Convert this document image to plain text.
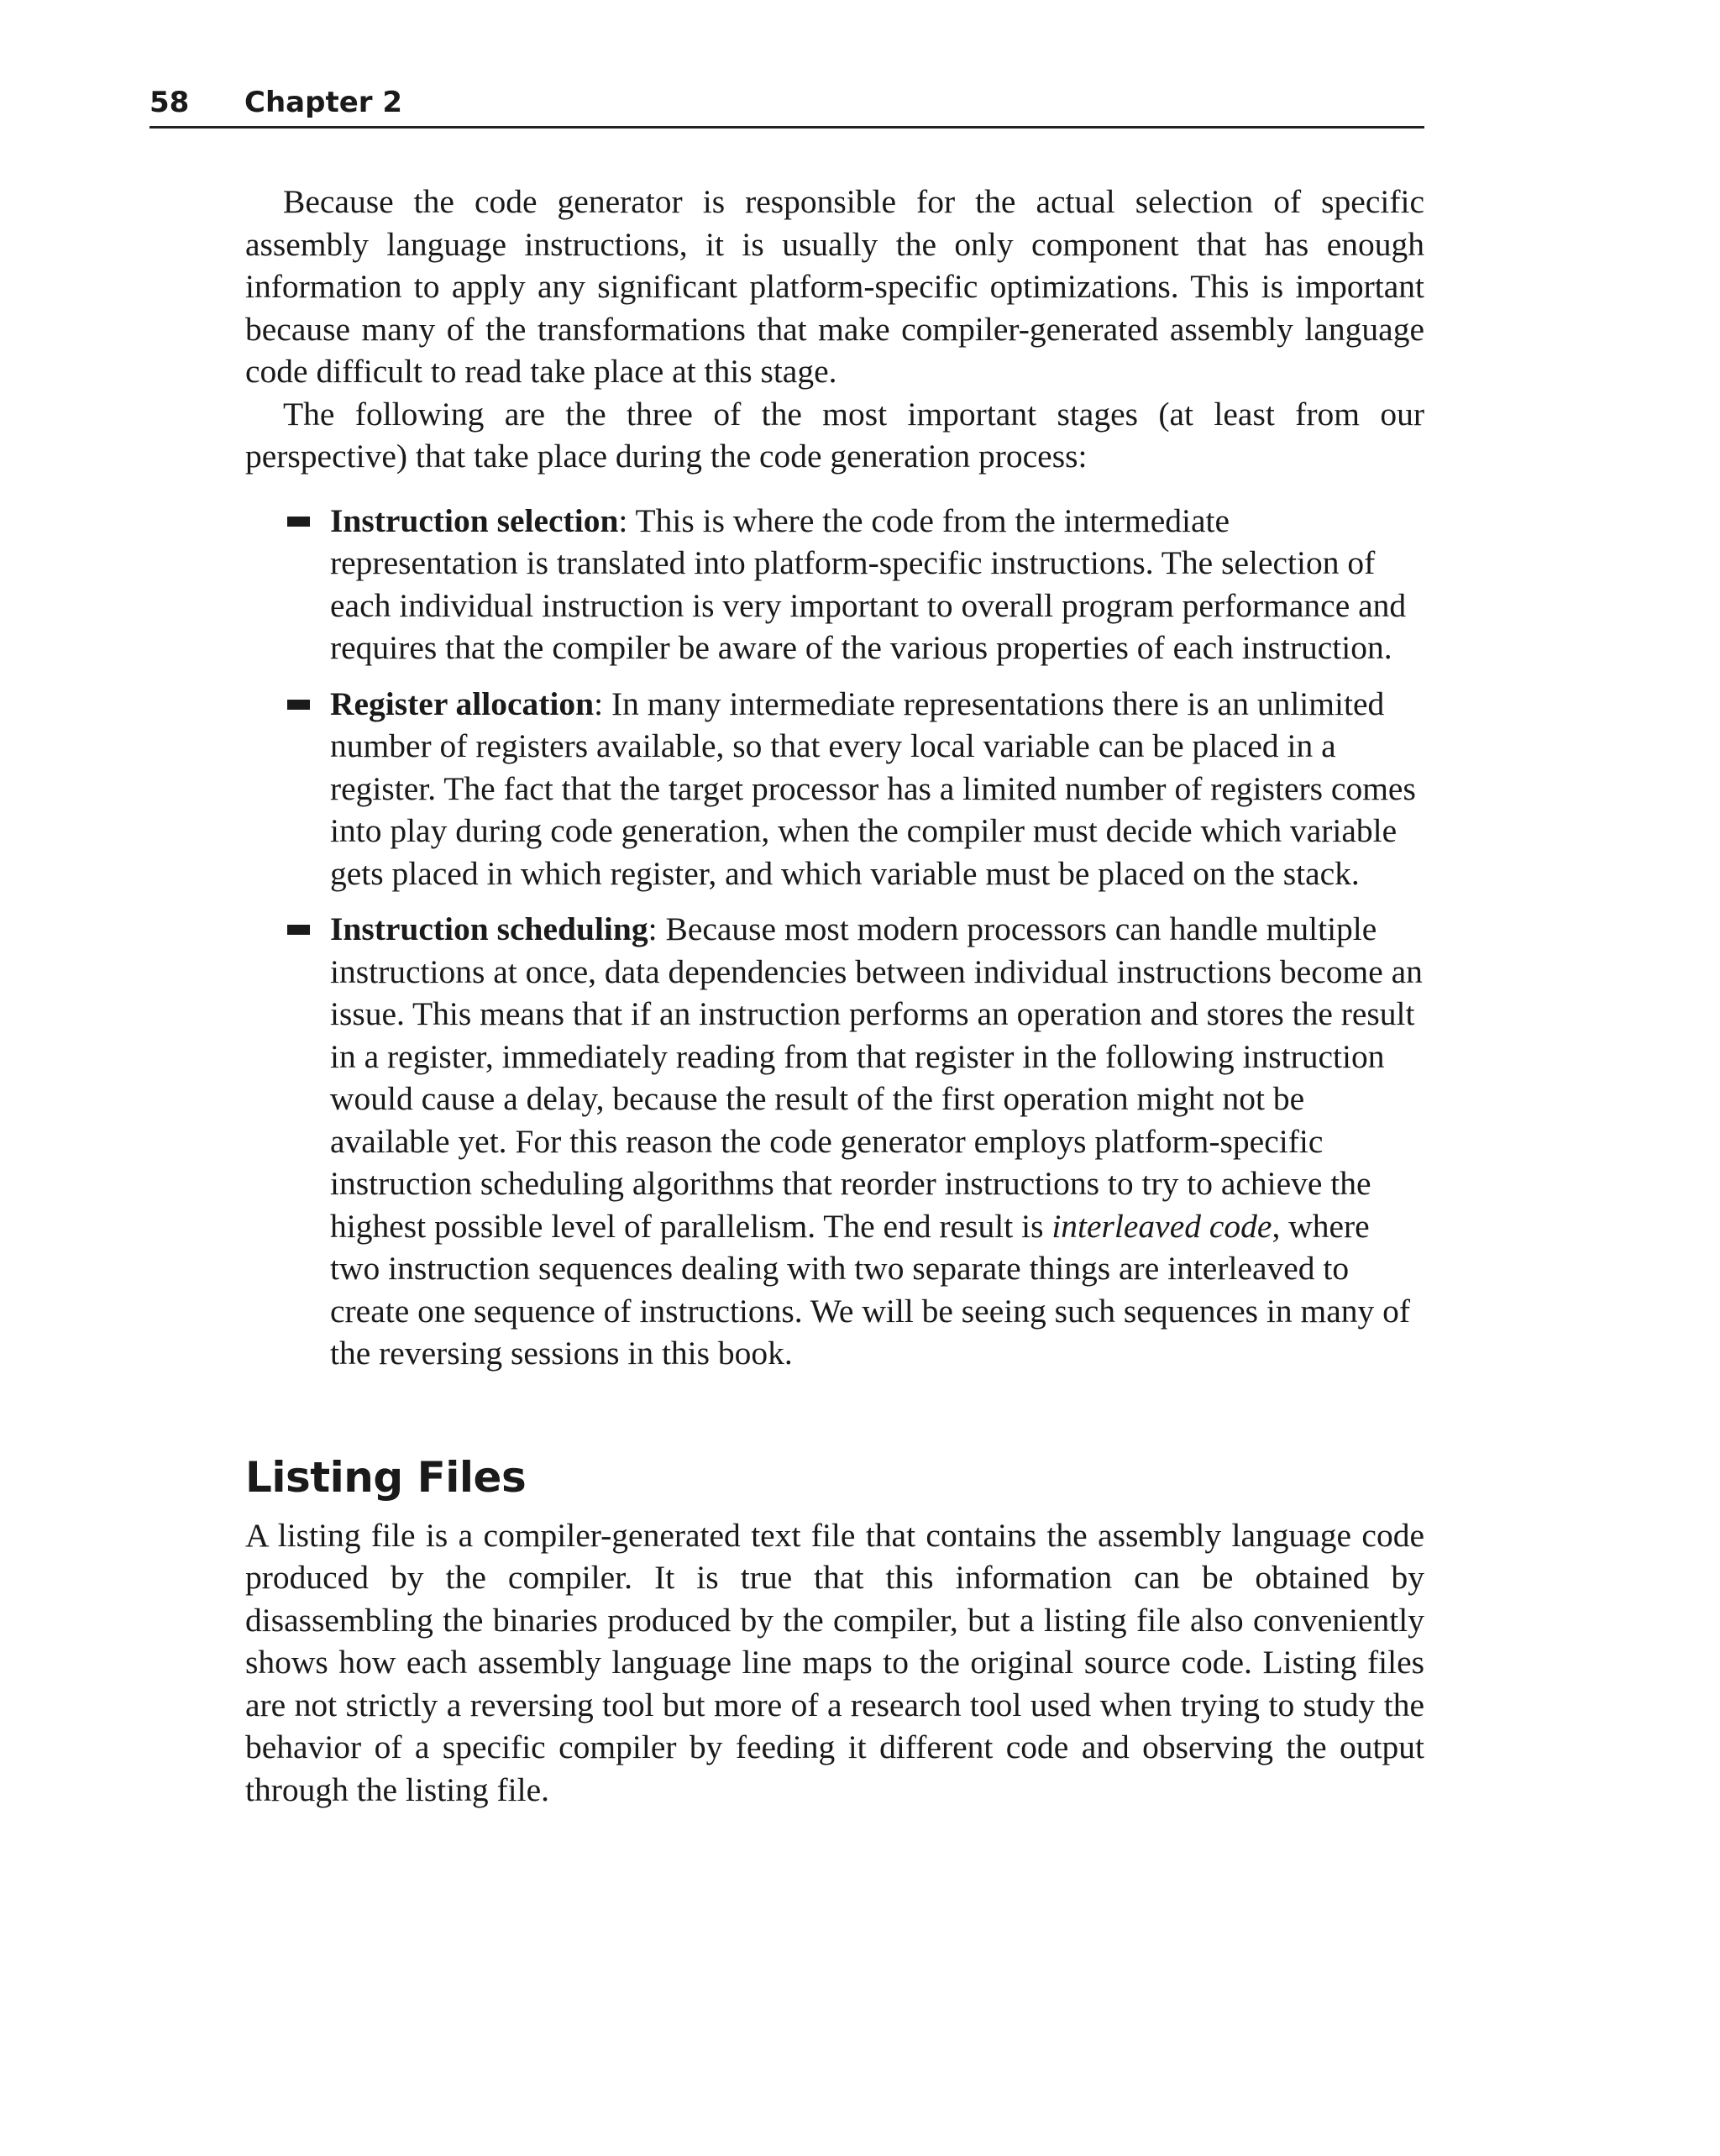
58 Chapter 2

Because the code generator is responsible for the actual selection of specific assembly language instructions, it is usually the only component that has enough information to apply any significant platform-specific optimizations. This is important because many of the transformations that make compiler-generated assembly language code difficult to read take place at this stage.

The following are the three of the most important stages (at least from our perspective) that take place during the code generation process:

Instruction selection: This is where the code from the intermediate representation is translated into platform-specific instructions. The selection of each individual instruction is very important to overall program performance and requires that the compiler be aware of the various properties of each instruction.
Register allocation: In many intermediate representations there is an unlimited number of registers available, so that every local variable can be placed in a register. The fact that the target processor has a limited number of registers comes into play during code generation, when the compiler must decide which variable gets placed in which register, and which variable must be placed on the stack.
Instruction scheduling: Because most modern processors can handle multiple instructions at once, data dependencies between individual instructions become an issue. This means that if an instruction performs an operation and stores the result in a register, immediately reading from that register in the following instruction would cause a delay, because the result of the first operation might not be available yet. For this reason the code generator employs platform-specific instruction scheduling algorithms that reorder instructions to try to achieve the highest possible level of parallelism. The end result is interleaved code, where two instruction sequences dealing with two separate things are interleaved to create one sequence of instructions. We will be seeing such sequences in many of the reversing sessions in this book.
Listing Files

A listing file is a compiler-generated text file that contains the assembly language code produced by the compiler. It is true that this information can be obtained by disassembling the binaries produced by the compiler, but a listing file also conveniently shows how each assembly language line maps to the original source code. Listing files are not strictly a reversing tool but more of a research tool used when trying to study the behavior of a specific compiler by feeding it different code and observing the output through the listing file.
